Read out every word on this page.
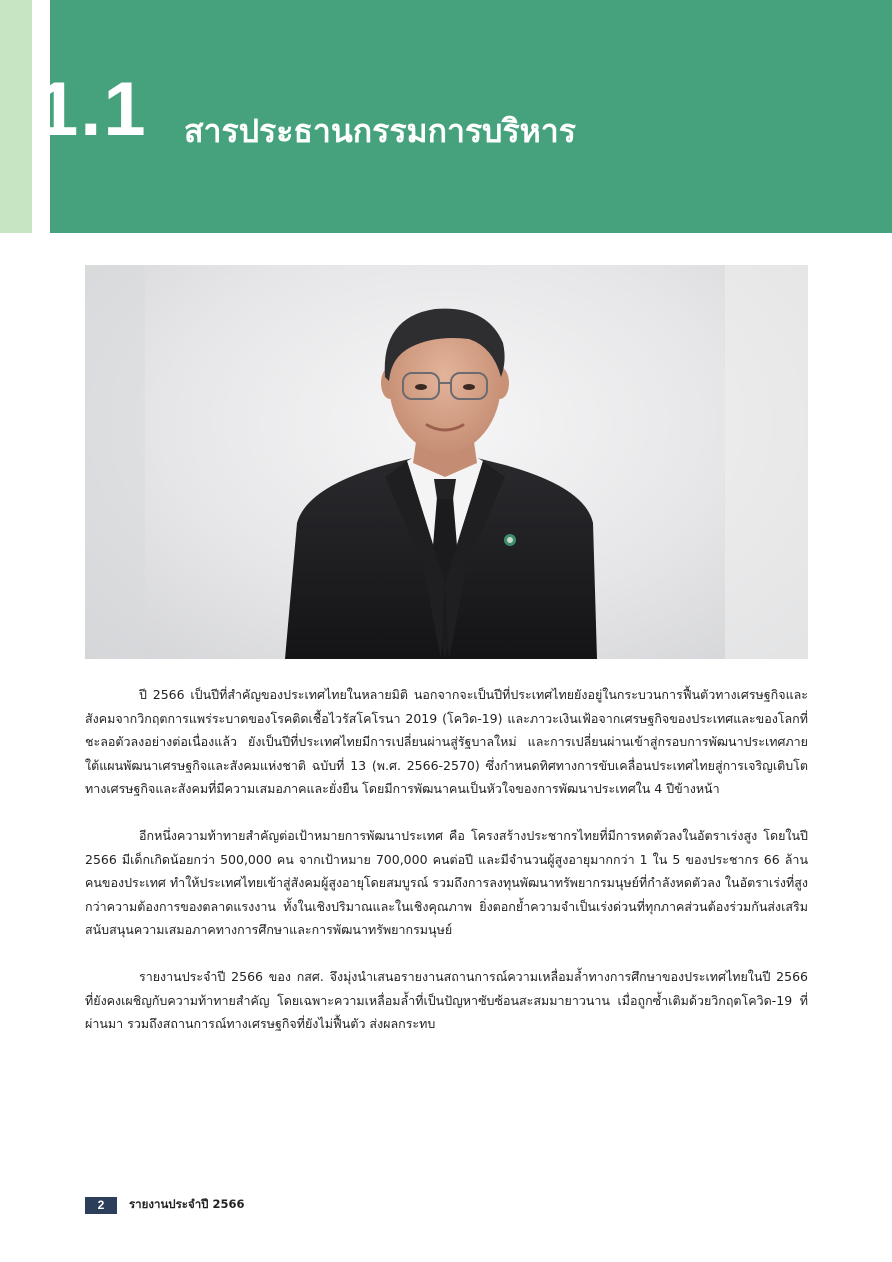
1.1 สารประธานกรรมการบริหาร

ปี 2566 เป็นปีที่สำคัญของประเทศไทยในหลายมิติ นอกจากจะเป็นปีที่ประเทศไทยยังอยู่ในกระบวนการฟื้นตัวทางเศรษฐกิจและสังคมจากวิกฤตการแพร่ระบาดของโรคติดเชื้อไวรัสโคโรนา 2019 (โควิด-19) และภาวะเงินเฟ้อจากเศรษฐกิจของประเทศและของโลกที่ชะลอตัวลงอย่างต่อเนื่องแล้ว ยังเป็นปีที่ประเทศไทยมีการเปลี่ยนผ่านสู่รัฐบาลใหม่ และการเปลี่ยนผ่านเข้าสู่กรอบการพัฒนาประเทศภายใต้แผนพัฒนาเศรษฐกิจและสังคมแห่งชาติ ฉบับที่ 13 (พ.ศ. 2566-2570) ซึ่งกำหนดทิศทางการขับเคลื่อนประเทศไทยสู่การเจริญเติบโตทางเศรษฐกิจและสังคมที่มีความเสมอภาคและยั่งยืน โดยมีการพัฒนาคนเป็นหัวใจของการพัฒนาประเทศใน 4 ปีข้างหน้า

อีกหนึ่งความท้าทายสำคัญต่อเป้าหมายการพัฒนาประเทศ คือ โครงสร้างประชากรไทยที่มีการหดตัวลงในอัตราเร่งสูง โดยในปี 2566 มีเด็กเกิดน้อยกว่า 500,000 คน จากเป้าหมาย 700,000 คนต่อปี และมีจำนวนผู้สูงอายุมากกว่า 1 ใน 5 ของประชากร 66 ล้านคนของประเทศ ทำให้ประเทศไทยเข้าสู่สังคมผู้สูงอายุโดยสมบูรณ์ รวมถึงการลงทุนพัฒนาทรัพยากรมนุษย์ที่กำลังหดตัวลง ในอัตราเร่งที่สูงกว่าความต้องการของตลาดแรงงาน ทั้งในเชิงปริมาณและในเชิงคุณภาพ ยิ่งตอกย้ำความจำเป็นเร่งด่วนที่ทุกภาคส่วนต้องร่วมกันส่งเสริมสนับสนุนความเสมอภาคทางการศึกษาและการพัฒนาทรัพยากรมนุษย์

รายงานประจำปี 2566 ของ กสศ. จึงมุ่งนำเสนอรายงานสถานการณ์ความเหลื่อมล้ำทางการศึกษาของประเทศไทยในปี 2566 ที่ยังคงเผชิญกับความท้าทายสำคัญ โดยเฉพาะความเหลื่อมล้ำที่เป็นปัญหาซับซ้อนสะสมมายาวนาน เมื่อถูกซ้ำเติมด้วยวิกฤตโควิด-19 ที่ผ่านมา รวมถึงสถานการณ์ทางเศรษฐกิจที่ยังไม่ฟื้นตัว ส่งผลกระทบ

2	รายงานประจำปี 2566
